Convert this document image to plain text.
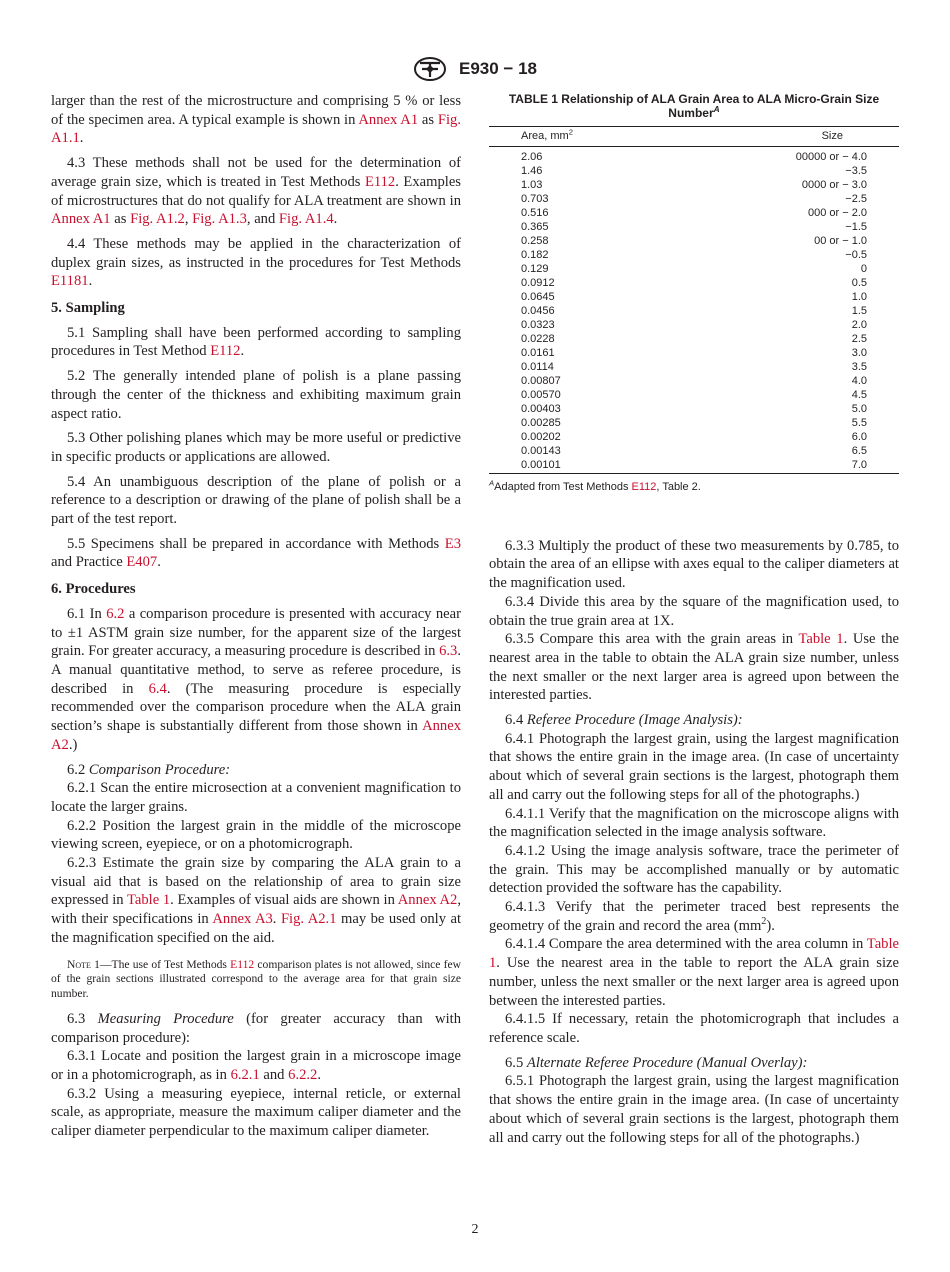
E930 − 18

larger than the rest of the microstructure and comprising 5 % or less of the specimen area. A typical example is shown in Annex A1 as Fig. A1.1.

4.3 These methods shall not be used for the determination of average grain size, which is treated in Test Methods E112. Examples of microstructures that do not qualify for ALA treatment are shown in Annex A1 as Fig. A1.2, Fig. A1.3, and Fig. A1.4.

4.4 These methods may be applied in the characterization of duplex grain sizes, as instructed in the procedures for Test Methods E1181.

5. Sampling

5.1 Sampling shall have been performed according to sampling procedures in Test Method E112.

5.2 The generally intended plane of polish is a plane passing through the center of the thickness and exhibiting maximum grain aspect ratio.

5.3 Other polishing planes which may be more useful or predictive in specific products or applications are allowed.

5.4 An unambiguous description of the plane of polish or a reference to a description or drawing of the plane of polish shall be a part of the test report.

5.5 Specimens shall be prepared in accordance with Methods E3 and Practice E407.

6. Procedures

6.1 In 6.2 a comparison procedure is presented with accuracy near to ±1 ASTM grain size number, for the apparent size of the largest grain. For greater accuracy, a measuring procedure is described in 6.3. A manual quantitative method, to serve as referee procedure, is described in 6.4. (The measuring procedure is especially recommended over the comparison procedure when the ALA grain section’s shape is substantially different from those shown in Annex A2.)

6.2 Comparison Procedure:

6.2.1 Scan the entire microsection at a convenient magnification to locate the larger grains.

6.2.2 Position the largest grain in the middle of the microscope viewing screen, eyepiece, or on a photomicrograph.

6.2.3 Estimate the grain size by comparing the ALA grain to a visual aid that is based on the relationship of area to grain size expressed in Table 1. Examples of visual aids are shown in Annex A2, with their specifications in Annex A3. Fig. A2.1 may be used only at the magnification specified on the aid.

Note 1—The use of Test Methods E112 comparison plates is not allowed, since few of the grain sections illustrated correspond to the average area for that grain size number.

6.3 Measuring Procedure (for greater accuracy than with comparison procedure):

6.3.1 Locate and position the largest grain in a microscope image or in a photomicrograph, as in 6.2.1 and 6.2.2.

6.3.2 Using a measuring eyepiece, internal reticle, or external scale, as appropriate, measure the maximum caliper diameter and the caliper diameter perpendicular to the maximum caliper diameter.

TABLE 1 Relationship of ALA Grain Area to ALA Micro-Grain Size Number$^A$
Area, $mm^2$	Size
2.06	00000 or − 4.0
1.46	−3.5
1.03	0000 or − 3.0
0.703	−2.5
0.516	000 or − 2.0
0.365	−1.5
0.258	00 or − 1.0
0.182	−0.5
0.129	0
0.0912	0.5
0.0645	1.0
0.0456	1.5
0.0323	2.0
0.0228	2.5
0.0161	3.0
0.0114	3.5
0.00807	4.0
0.00570	4.5
0.00403	5.0
0.00285	5.5
0.00202	6.0
0.00143	6.5
0.00101	7.0

$^A$Adapted from Test Methods E112, Table 2.

6.3.3 Multiply the product of these two measurements by 0.785, to obtain the area of an ellipse with axes equal to the caliper diameters at the magnification used.

6.3.4 Divide this area by the square of the magnification used, to obtain the true grain area at 1X.

6.3.5 Compare this area with the grain areas in Table 1. Use the nearest area in the table to obtain the ALA grain size number, unless the next smaller or the next larger area is agreed upon between the interested parties.

6.4 Referee Procedure (Image Analysis):

6.4.1 Photograph the largest grain, using the largest magnification that shows the entire grain in the image area. (In case of uncertainty about which of several grain sections is the largest, photograph them all and carry out the following steps for all of the photographs.)

6.4.1.1 Verify that the magnification on the microscope aligns with the magnification selected in the image analysis software.

6.4.1.2 Using the image analysis software, trace the perimeter of the grain. This may be accomplished manually or by automatic detection provided the software has the capability.

6.4.1.3 Verify that the perimeter traced best represents the geometry of the grain and record the area $(mm^2)$.

6.4.1.4 Compare the area determined with the area column in Table 1. Use the nearest area in the table to report the ALA grain size number, unless the next smaller or the next larger area is agreed upon between the interested parties.

6.4.1.5 If necessary, retain the photomicrograph that includes a reference scale.

6.5 Alternate Referee Procedure (Manual Overlay):

6.5.1 Photograph the largest grain, using the largest magnification that shows the entire grain in the image area. (In case of uncertainty about which of several grain sections is the largest, photograph them all and carry out the following steps for all of the photographs.)

2
